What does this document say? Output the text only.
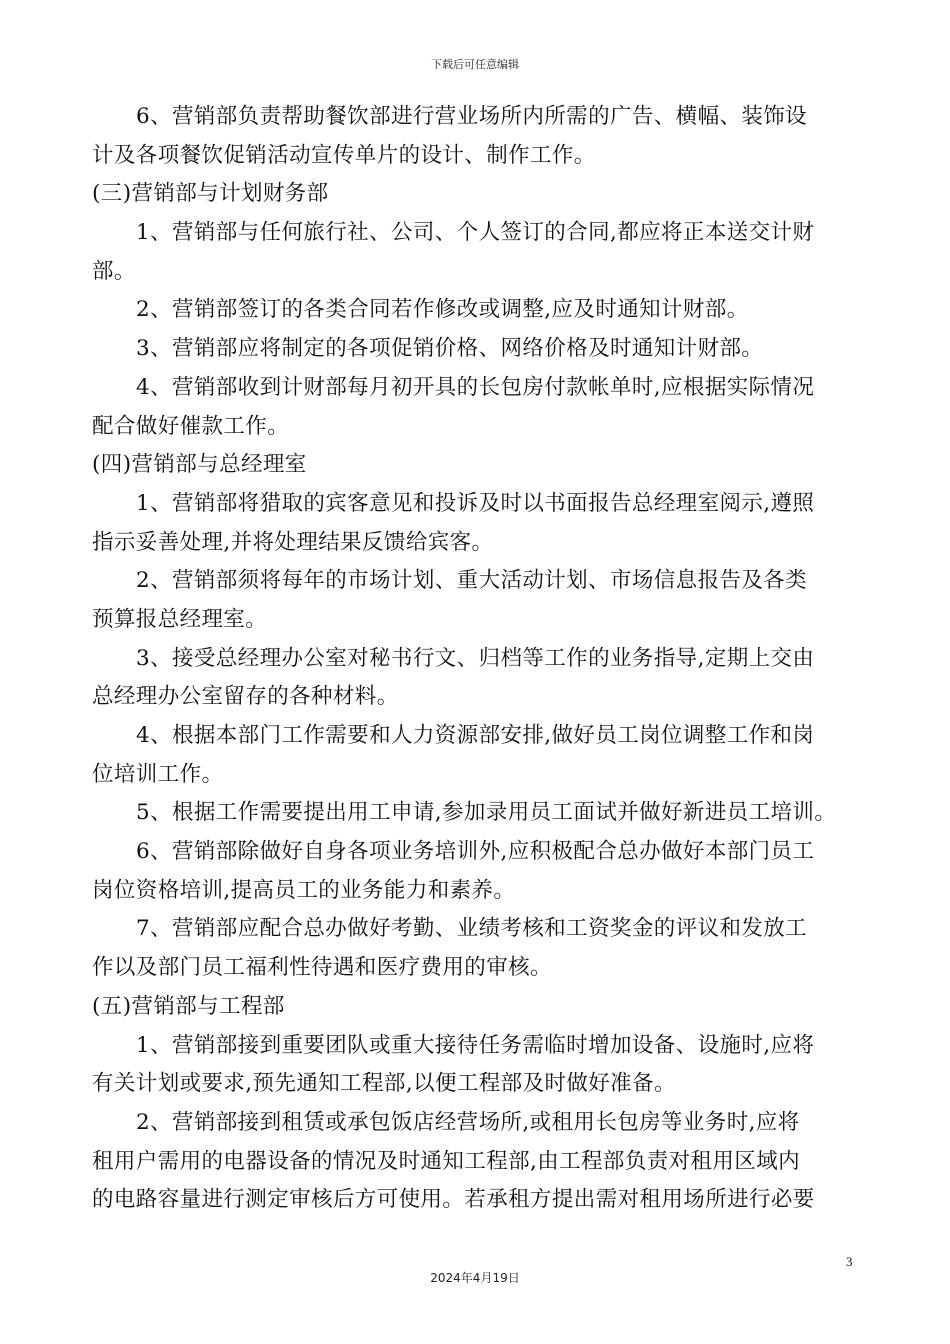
下载后可任意编辑
6、营销部负责帮助餐饮部进行营业场所内所需的广告、横幅、装饰设
计及各项餐饮促销活动宣传单片的设计、制作工作。
(三)营销部与计划财务部
1、营销部与任何旅行社、公司、个人签订的合同,都应将正本送交计财
部。
2、营销部签订的各类合同若作修改或调整,应及时通知计财部。
3、营销部应将制定的各项促销价格、网络价格及时通知计财部。
4、营销部收到计财部每月初开具的长包房付款帐单时,应根据实际情况
配合做好催款工作。
(四)营销部与总经理室
1、营销部将猎取的宾客意见和投诉及时以书面报告总经理室阅示,遵照
指示妥善处理,并将处理结果反馈给宾客。
2、营销部须将每年的市场计划、重大活动计划、市场信息报告及各类
预算报总经理室。
3、接受总经理办公室对秘书行文、归档等工作的业务指导,定期上交由
总经理办公室留存的各种材料。
4、根据本部门工作需要和人力资源部安排,做好员工岗位调整工作和岗
位培训工作。
5、根据工作需要提出用工申请,参加录用员工面试并做好新进员工培训。
6、营销部除做好自身各项业务培训外,应积极配合总办做好本部门员工
岗位资格培训,提高员工的业务能力和素养。
7、营销部应配合总办做好考勤、业绩考核和工资奖金的评议和发放工
作以及部门员工福利性待遇和医疗费用的审核。
(五)营销部与工程部
1、营销部接到重要团队或重大接待任务需临时增加设备、设施时,应将
有关计划或要求,预先通知工程部,以便工程部及时做好准备。
2、营销部接到租赁或承包饭店经营场所,或租用长包房等业务时,应将
租用户需用的电器设备的情况及时通知工程部,由工程部负责对租用区域内
的电路容量进行测定审核后方可使用。若承租方提出需对租用场所进行必要
3
2024年4月19日
